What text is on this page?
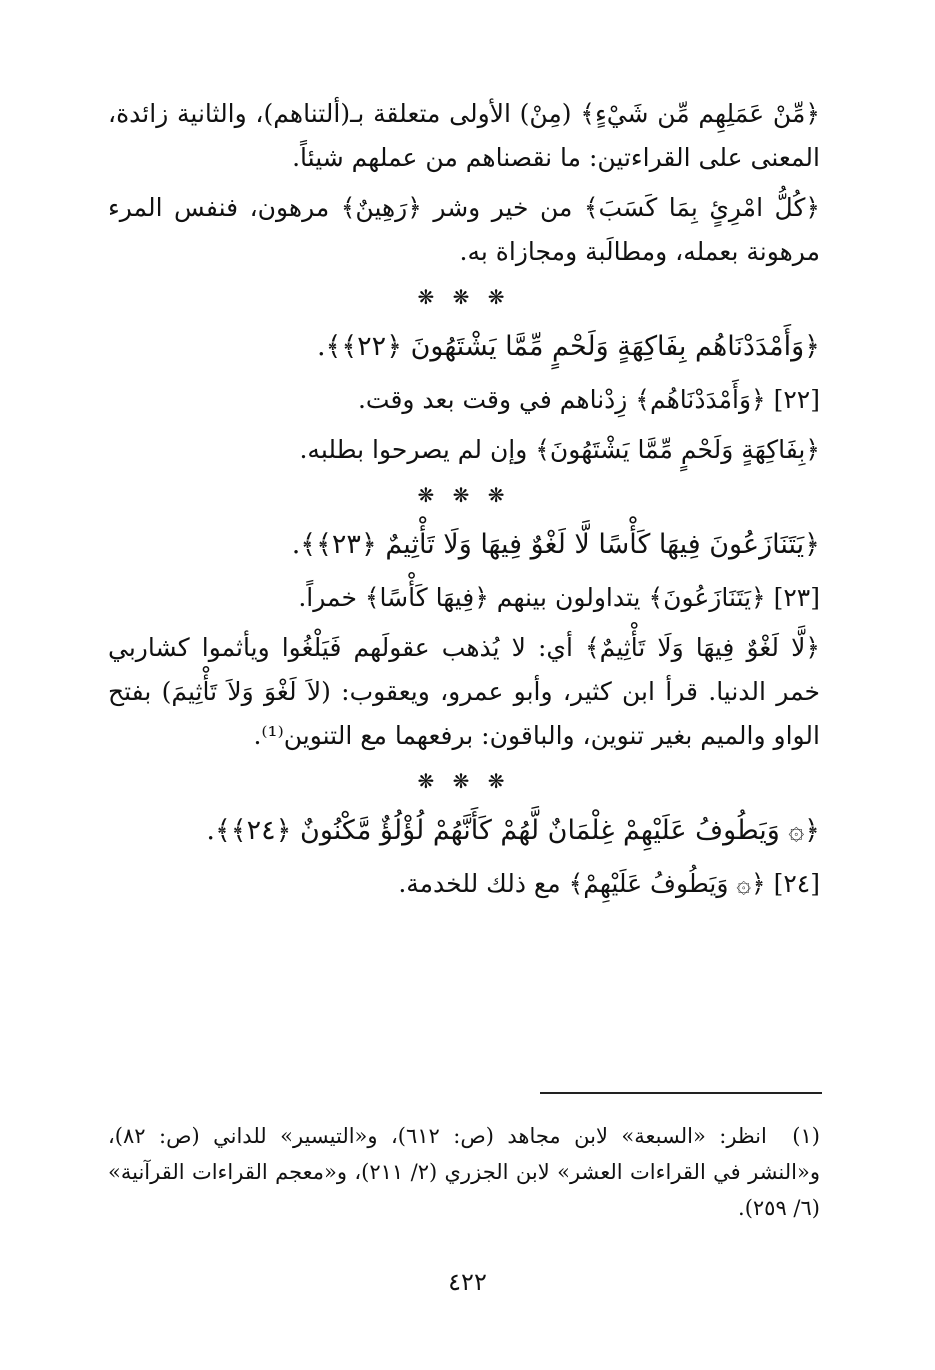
﴿مِّنْ عَمَلِهِم مِّن شَيْءٍ﴾ (مِنْ) الأولى متعلقة بـ(ألتناهم)، والثانية زائدة، المعنى على القراءتين: ما نقصناهم من عملهم شيئاً.

﴿كُلُّ امْرِئٍ بِمَا كَسَبَ﴾ من خير وشر ﴿رَهِينٌ﴾ مرهون، فنفس المرء مرهونة بعمله، ومطالَبة ومجازاة به.

❋ ❋ ❋
﴿وَأَمْدَدْنَاهُم بِفَاكِهَةٍ وَلَحْمٍ مِّمَّا يَشْتَهُونَ ﴿٢٢﴾﴾.

[٢٢] ﴿وَأَمْدَدْنَاهُم﴾ زِدْناهم في وقت بعد وقت.

﴿بِفَاكِهَةٍ وَلَحْمٍ مِّمَّا يَشْتَهُونَ﴾ وإن لم يصرحوا بطلبه.

❋ ❋ ❋
﴿يَتَنَازَعُونَ فِيهَا كَأْسًا لَّا لَغْوٌ فِيهَا وَلَا تَأْثِيمٌ ﴿٢٣﴾﴾.

[٢٣] ﴿يَتَنَازَعُونَ﴾ يتداولون بينهم ﴿فِيهَا كَأْسًا﴾ خمراً.

﴿لَّا لَغْوٌ فِيهَا وَلَا تَأْثِيمٌ﴾ أي: لا يُذهب عقولَهم فَيَلْغُوا ويأثموا كشاربي خمر الدنيا. قرأ ابن كثير، وأبو عمرو، ويعقوب: (لاَ لَغْوَ وَلاَ تَأْثِيمَ) بفتح الواو والميم بغير تنوين، والباقون: برفعهما مع التنوين⁽¹⁾.

❋ ❋ ❋
﴿۞ وَيَطُوفُ عَلَيْهِمْ غِلْمَانٌ لَّهُمْ كَأَنَّهُمْ لُؤْلُؤٌ مَّكْنُونٌ ﴿٢٤﴾﴾.

[٢٤] ﴿۞ وَيَطُوفُ عَلَيْهِمْ﴾ مع ذلك للخدمة.

(١) انظر: «السبعة» لابن مجاهد (ص: ٦١٢)، و«التيسير» للداني (ص: ٨٢)، و«النشر في القراءات العشر» لابن الجزري (٢/ ٢١١)، و«معجم القراءات القرآنية» (٦/ ٢٥٩).
٤٢٢
